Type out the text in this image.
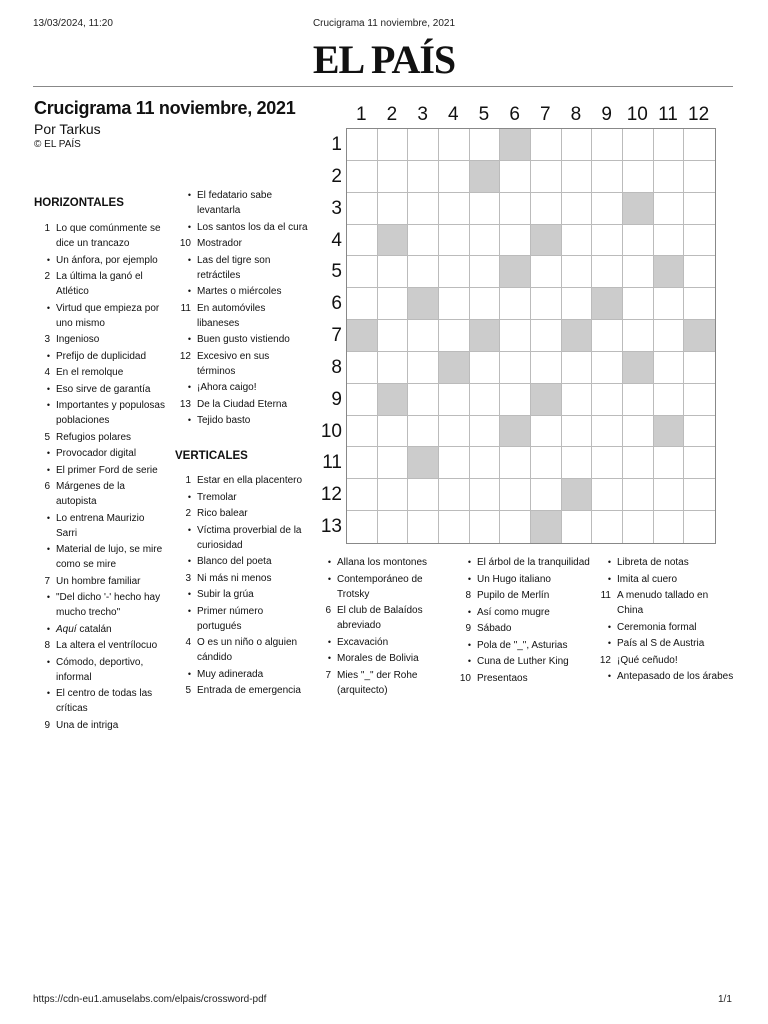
13/03/2024, 11:20	Crucigrama 11 noviembre, 2021
EL PAÍS
Crucigrama 11 noviembre, 2021
Por Tarkus
© EL PAÍS
HORIZONTALES
1 Lo que comúnmente se dice un trancazo
• Un ánfora, por ejemplo
2 La última la ganó el Atlético
• Virtud que empieza por uno mismo
3 Ingenioso
• Prefijo de duplicidad
4 En el remolque
• Eso sirve de garantía
• Importantes y populosas poblaciones
5 Refugios polares
• Provocador digital
• El primer Ford de serie
6 Márgenes de la autopista
• Lo entrena Maurizio Sarri
• Material de lujo, se mire como se mire
7 Un hombre familiar
• "Del dicho '-' hecho hay mucho trecho"
• Aquí catalán
8 La altera el ventrílocuo
• Cómodo, deportivo, informal
• El centro de todas las críticas
9 Una de intriga
• El fedatario sabe levantarla
• Los santos los da el cura
10 Mostrador
• Las del tigre son retráctiles
• Martes o miércoles
11 En automóviles libaneses
• Buen gusto vistiendo
12 Excesivo en sus términos
• ¡Ahora caigo!
13 De la Ciudad Eterna
• Tejido basto
VERTICALES
1 Estar en ella placentero
• Tremolar
2 Rico balear
• Víctima proverbial de la curiosidad
• Blanco del poeta
3 Ni más ni menos
• Subir la grúa
• Primer número portugués
4 O es un niño o alguien cándido
• Muy adinerada
5 Entrada de emergencia
1	2	3	4	5	6	7	8	9 10 11 12
1
2
3
4
5
6
7
8
9
10
11
12
13
• Allana los montones
• Contemporáneo de Trotsky
6 El club de Balaídos abreviado
• Excavación
• Morales de Bolivia
7 Mies "_" der Rohe (arquitecto)
• El árbol de la tranquilidad
• Un Hugo italiano
8 Pupilo de Merlín
• Así como mugre
9 Sábado
• Pola de "_", Asturias
• Cuna de Luther King
10 Presentaos
• Libreta de notas
• Imita al cuero
11 A menudo tallado en China
• Ceremonia formal
• País al S de Austria
12 ¡Qué ceñudo!
• Antepasado de los árabes
https://cdn-eu1.amuselabs.com/elpais/crossword-pdf	1/1
